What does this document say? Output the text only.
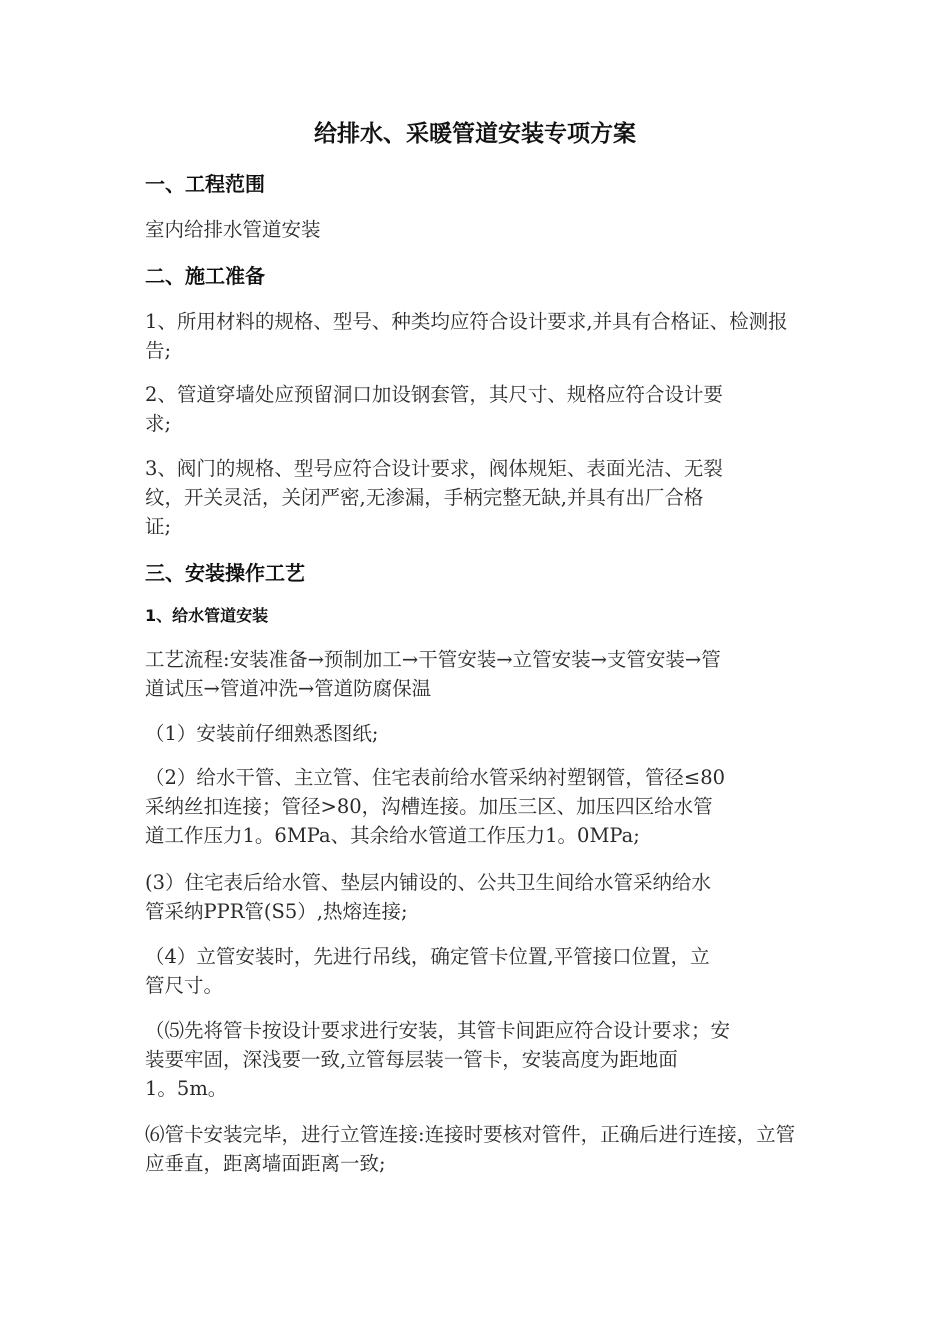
给排水、采暖管道安装专项方案
一、工程范围
室内给排水管道安装
二、施工准备
1、所用材料的规格、型号、种类均应符合设计要求,并具有合格证、检测报
告;
2、管道穿墙处应预留洞口加设钢套管，其尺寸、规格应符合设计要
求;
3、阀门的规格、型号应符合设计要求，阀体规矩、表面光洁、无裂
纹，开关灵活，关闭严密,无渗漏，手柄完整无缺,并具有出厂合格
证;
三、安装操作工艺
1、给水管道安装
工艺流程:安装准备→预制加工→干管安装→立管安装→支管安装→管
道试压→管道冲洗→管道防腐保温
（1）安装前仔细熟悉图纸;
（2）给水干管、主立管、住宅表前给水管采纳衬塑钢管，管径≤80
采纳丝扣连接；管径>80，沟槽连接。加压三区、加压四区给水管
道工作压力1。6MPa、其余给水管道工作压力1。0MPa;
(3）住宅表后给水管、垫层内铺设的、公共卫生间给水管采纳给水
管采纳PPR管(S5）,热熔连接;
（4）立管安装时，先进行吊线，确定管卡位置,平管接口位置，立
管尺寸。
（⑸先将管卡按设计要求进行安装，其管卡间距应符合设计要求；安
装要牢固，深浅要一致,立管每层装一管卡，安装高度为距地面
1。5m。
⑹管卡安装完毕，进行立管连接:连接时要核对管件，正确后进行连接，立管
应垂直，距离墙面距离一致;
